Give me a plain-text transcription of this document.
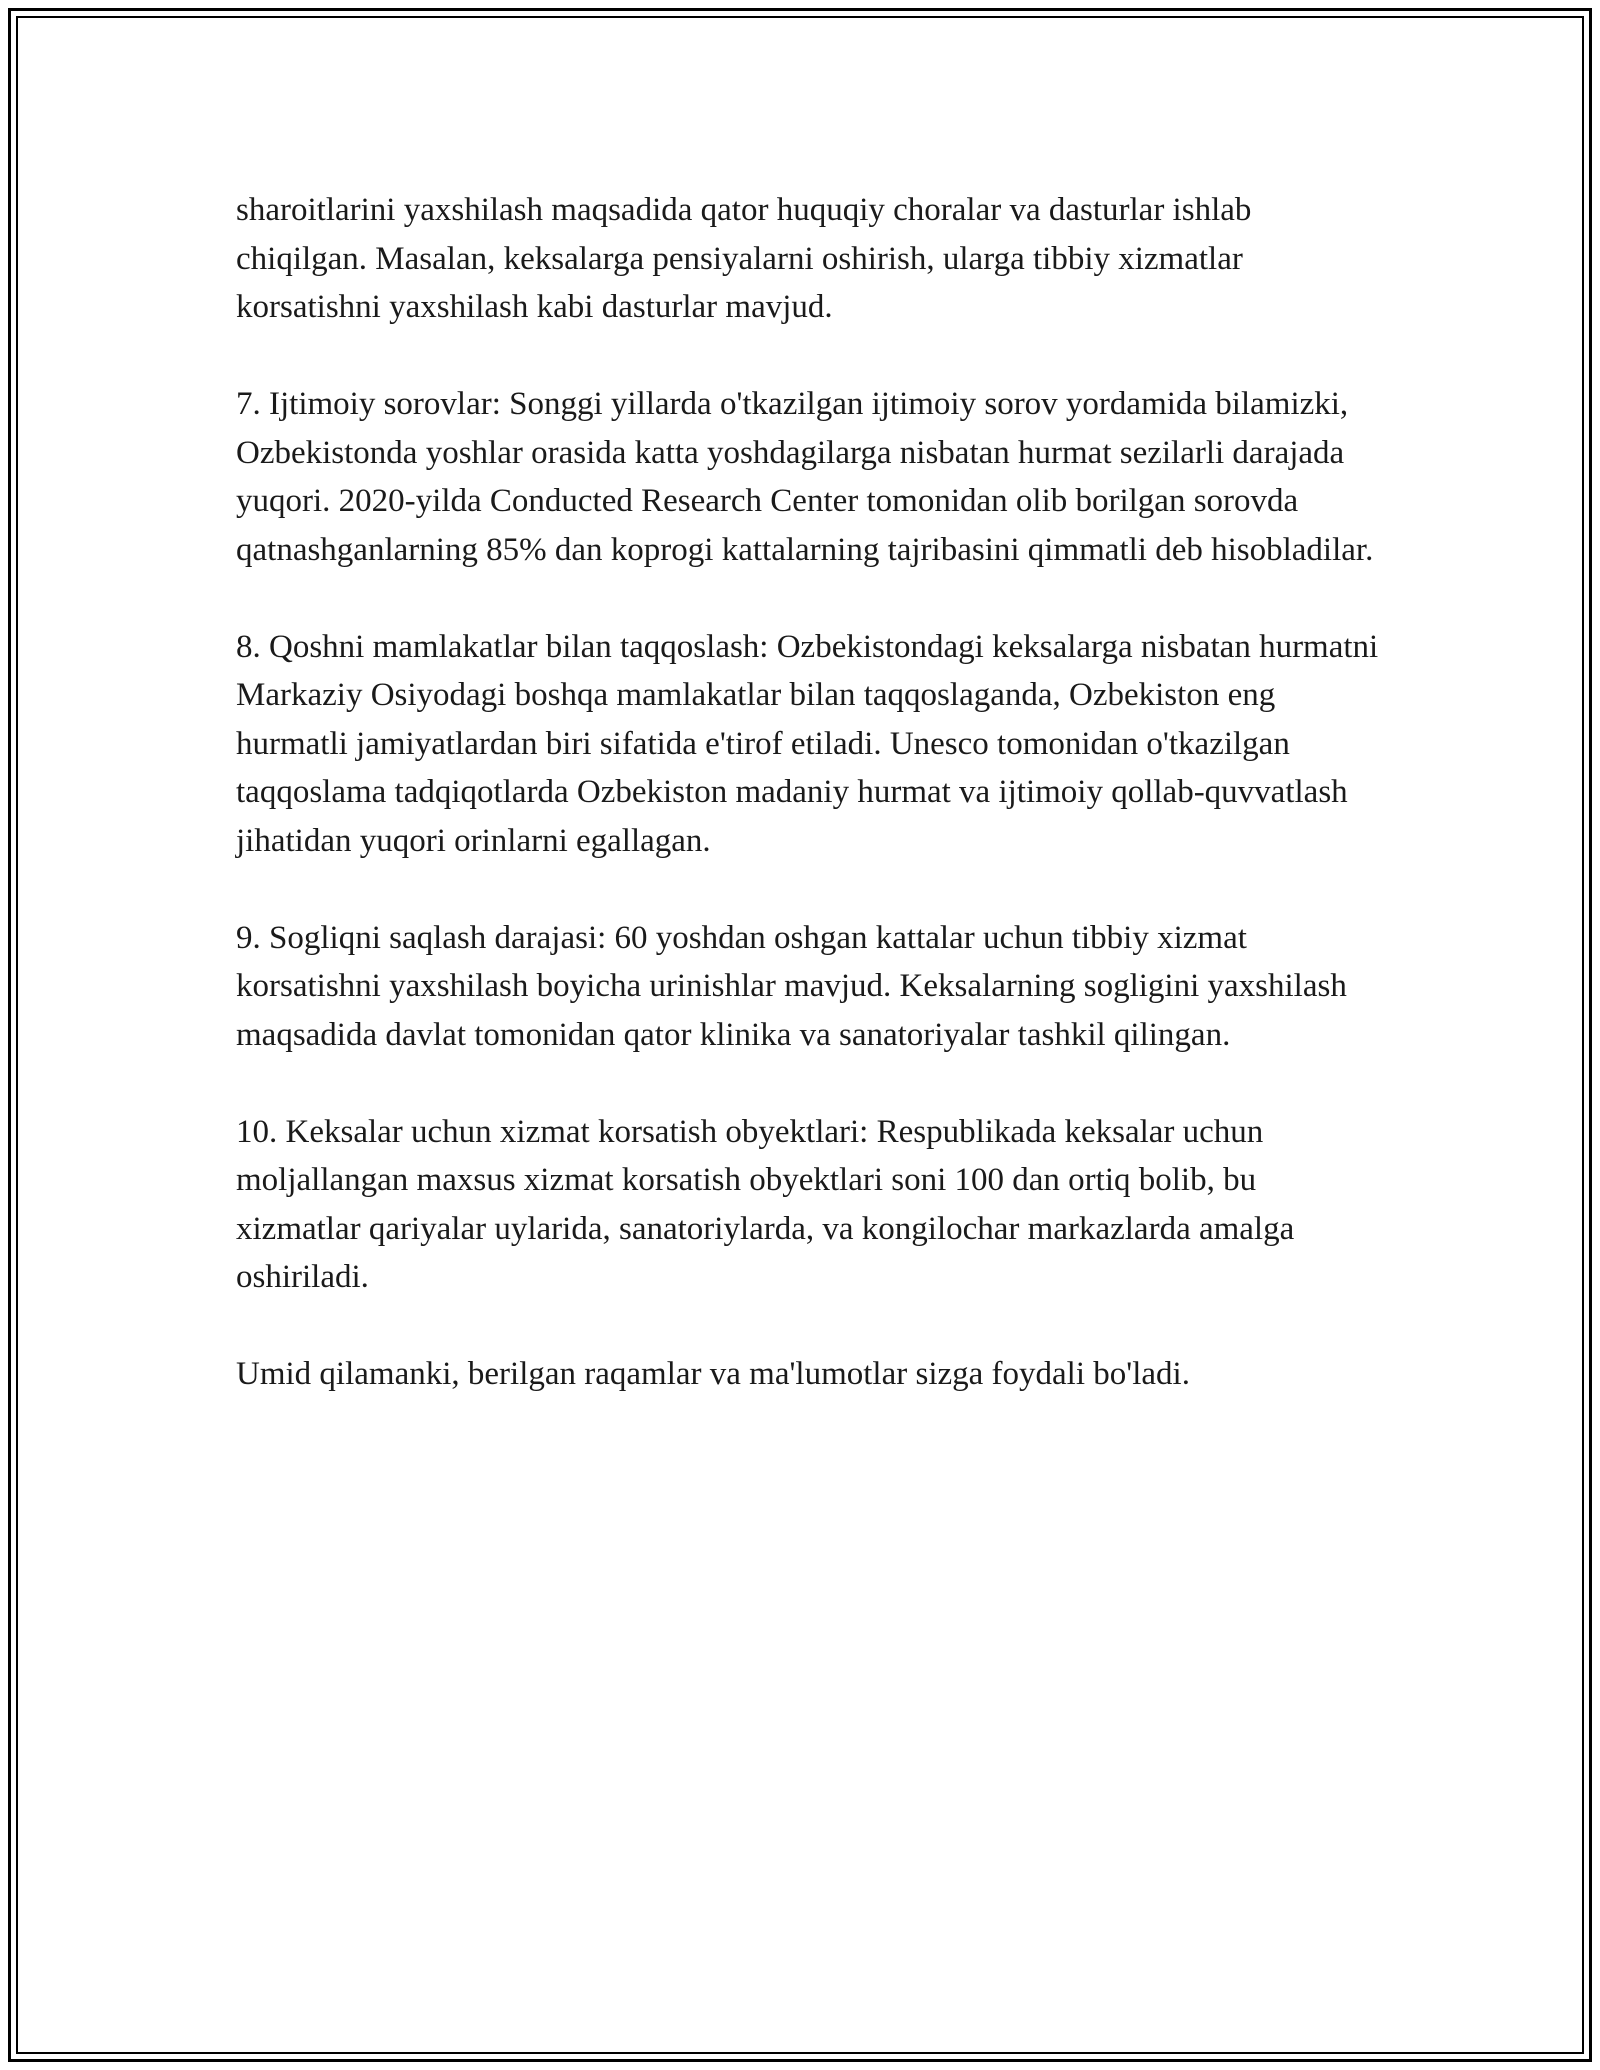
sharoitlarini yaxshilash maqsadida qator huquqiy choralar va dasturlar ishlab chiqilgan. Masalan, keksalarga pensiyalarni oshirish, ularga tibbiy xizmatlar korsatishni yaxshilash kabi dasturlar mavjud.

7. Ijtimoiy sorovlar: Songgi yillarda o'tkazilgan ijtimoiy sorov yordamida bilamizki, Ozbekistonda yoshlar orasida katta yoshdagilarga nisbatan hurmat sezilarli darajada yuqori. 2020-yilda Conducted Research Center tomonidan olib borilgan sorovda qatnashganlarning 85% dan koprogi kattalarning tajribasini qimmatli deb hisobladilar.

8. Qoshni mamlakatlar bilan taqqoslash: Ozbekistondagi keksalarga nisbatan hurmatni Markaziy Osiyodagi boshqa mamlakatlar bilan taqqoslaganda, Ozbekiston eng hurmatli jamiyatlardan biri sifatida e'tirof etiladi. Unesco tomonidan o'tkazilgan taqqoslama tadqiqotlarda Ozbekiston madaniy hurmat va ijtimoiy qollab-quvvatlash jihatidan yuqori orinlarni egallagan.

9. Sogliqni saqlash darajasi: 60 yoshdan oshgan kattalar uchun tibbiy xizmat korsatishni yaxshilash boyicha urinishlar mavjud. Keksalarning sogligini yaxshilash maqsadida davlat tomonidan qator klinika va sanatoriyalar tashkil qilingan.

10. Keksalar uchun xizmat korsatish obyektlari: Respublikada keksalar uchun moljallangan maxsus xizmat korsatish obyektlari soni 100 dan ortiq bolib, bu xizmatlar qariyalar uylarida, sanatoriylarda, va kongilochar markazlarda amalga oshiriladi.

Umid qilamanki, berilgan raqamlar va ma'lumotlar sizga foydali bo'ladi.
